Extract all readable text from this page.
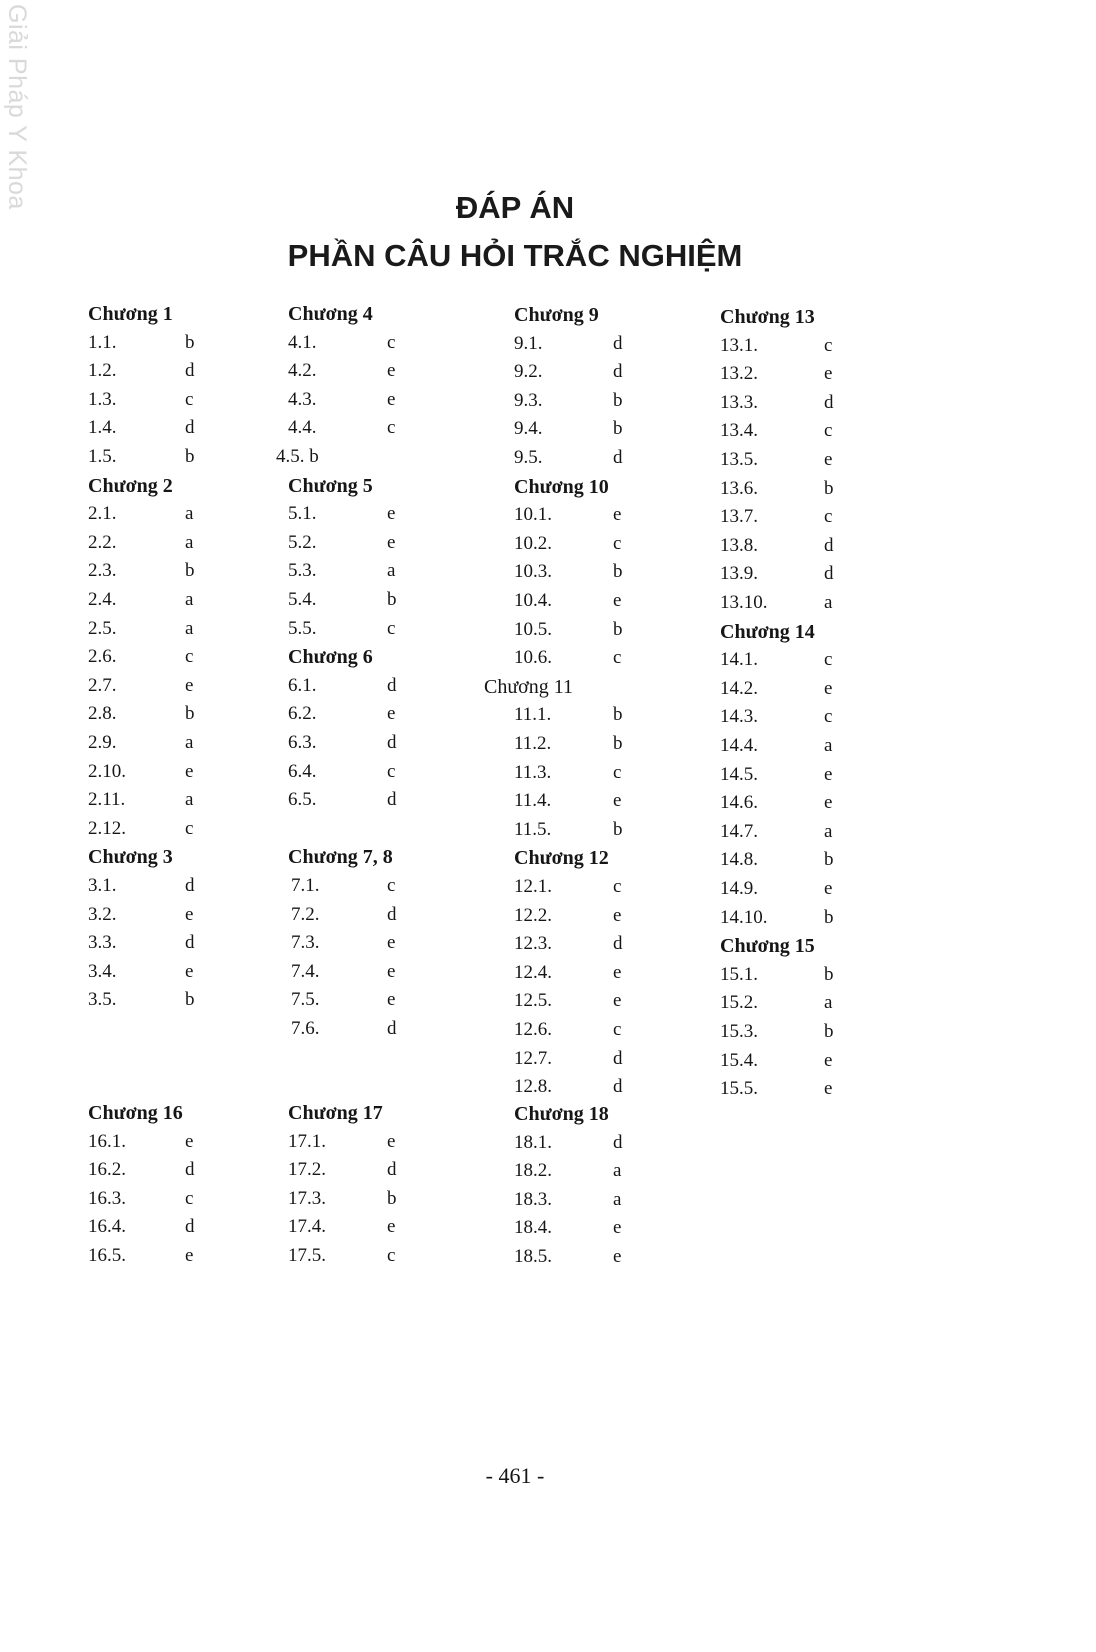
Giải Pháp Y Khoa	ĐÁP ÁN
PHẦN CÂU HỎI TRẮC NGHIỆM
Chương 1
1.1.	b
1.2.	d
1.3.	c
1.4.	d
1.5.	b
Chương 2
2.1.	a
2.2.	a
2.3.	b
2.4.	a
2.5.	a
2.6.	c
2.7.	e
2.8.	b
2.9.	a
2.10.	e
2.11.	a
2.12.	c
Chương 3
3.1.	d
3.2.	e
3.3.	d
3.4.	e
3.5.	b
Chương 4
4.1.	c
4.2.	e
4.3.	e
4.4.	c
4.5. b
Chương 5
5.1.	e
5.2.	e
5.3.	a
5.4.	b
5.5.	c
Chương 6
6.1.	d
6.2.	e
6.3.	d
6.4.	c
6.5.	d
Chương 7, 8
7.1.	c
7.2.	d
7.3.	e
7.4.	e
7.5.	e
7.6.	d
Chương 9
9.1.	d
9.2.	d
9.3.	b
9.4.	b
9.5.	d
Chương 10
10.1.	e
10.2.	c
10.3.	b
10.4.	e
10.5.	b
10.6.	c
Chương 11
11.1.	b
11.2.	b
11.3.	c
11.4.	e
11.5.	b
Chương 12
12.1.	c
12.2.	e
12.3.	d
12.4.	e
12.5.	e
12.6.	c
12.7.	d
12.8.	d
Chương 13
13.1.	c
13.2.	e
13.3.	d
13.4.	c
13.5.	e
13.6.	b
13.7.	c
13.8.	d
13.9.	d
13.10.	a
Chương 14
14.1.	c
14.2.	e
14.3.	c
14.4.	a
14.5.	e
14.6.	e
14.7.	a
14.8.	b
14.9.	e
14.10.	b
Chương 15
15.1.	b
15.2.	a
15.3.	b
15.4.	e
15.5.	e
Chương 16
16.1.	e
16.2.	d
16.3.	c
16.4.	d
16.5.	e
Chương 17
17.1.	e
17.2.	d
17.3.	b
17.4.	e
17.5.	c
Chương 18
18.1.	d
18.2.	a
18.3.	a
18.4.	e
18.5.	e
- 461 -
